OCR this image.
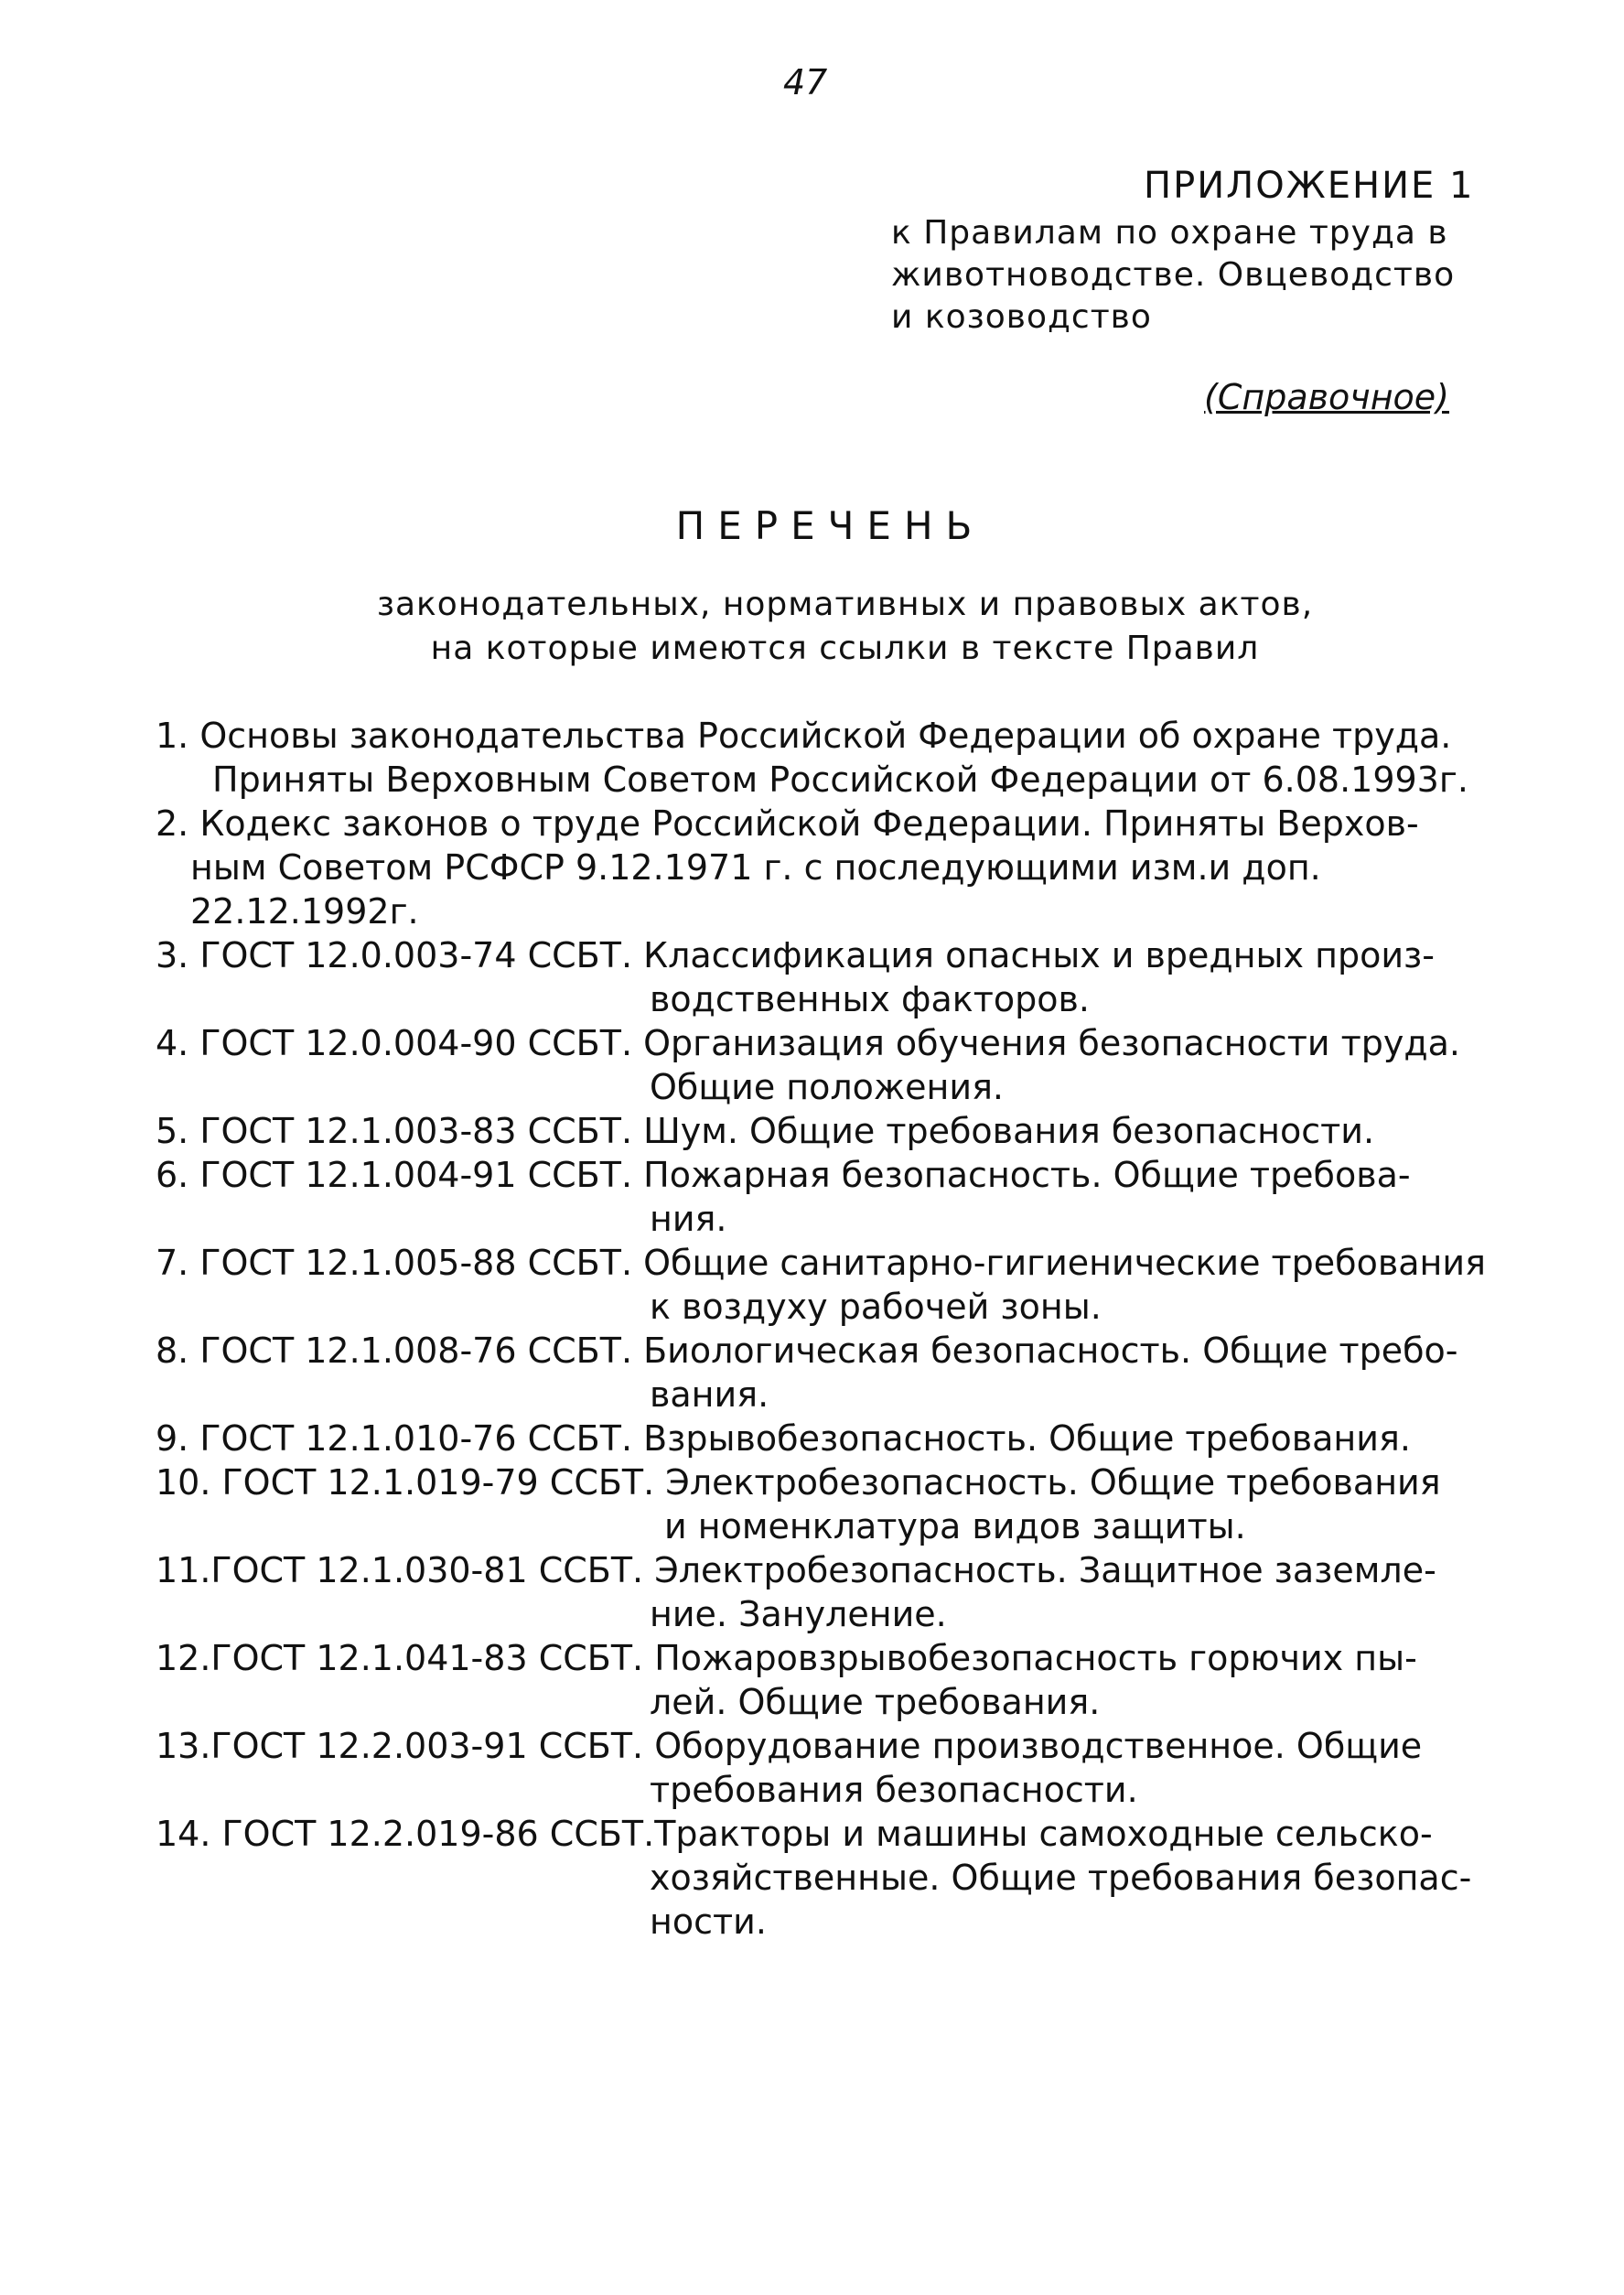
47
ПРИЛОЖЕНИЕ 1
к Правилам по охране труда в
животноводстве. Овцеводство
и козоводство
(Справочное)
ПЕРЕЧЕНЬ
законодательных, нормативных и правовых актов,
на которые имеются ссылки в тексте Правил
1. Основы законодательства Российской Федерации об охране труда.
Приняты Верховным Советом Российской Федерации от 6.08.1993г.
2. Кодекс законов о труде Российской Федерации. Приняты Верхов-
ным Советом РСФСР 9.12.1971 г. с последующими изм.и доп.
22.12.1992г.
3. ГОСТ 12.0.003-74 ССБТ. Классификация опасных и вредных произ-
водственных факторов.
4. ГОСТ 12.0.004-90 ССБТ. Организация обучения безопасности труда.
Общие положения.
5. ГОСТ 12.1.003-83 ССБТ. Шум. Общие требования безопасности.
6. ГОСТ 12.1.004-91 ССБТ. Пожарная безопасность. Общие требова-
ния.
7. ГОСТ 12.1.005-88 ССБТ. Общие санитарно-гигиенические требования
к воздуху рабочей зоны.
8. ГОСТ 12.1.008-76 ССБТ. Биологическая безопасность. Общие требо-
вания.
9. ГОСТ 12.1.010-76 ССБТ. Взрывобезопасность. Общие требования.
10. ГОСТ 12.1.019-79 ССБТ. Электробезопасность. Общие требования
и номенклатура видов защиты.
11.ГОСТ 12.1.030-81 ССБТ. Электробезопасность. Защитное заземле-
ние. Зануление.
12.ГОСТ 12.1.041-83 ССБТ. Пожаровзрывобезопасность горючих пы-
лей. Общие требования.
13.ГОСТ 12.2.003-91 ССБТ. Оборудование производственное. Общие
требования безопасности.
14. ГОСТ 12.2.019-86 ССБТ.Тракторы и машины самоходные сельско-
хозяйственные. Общие требования безопас-
ности.
